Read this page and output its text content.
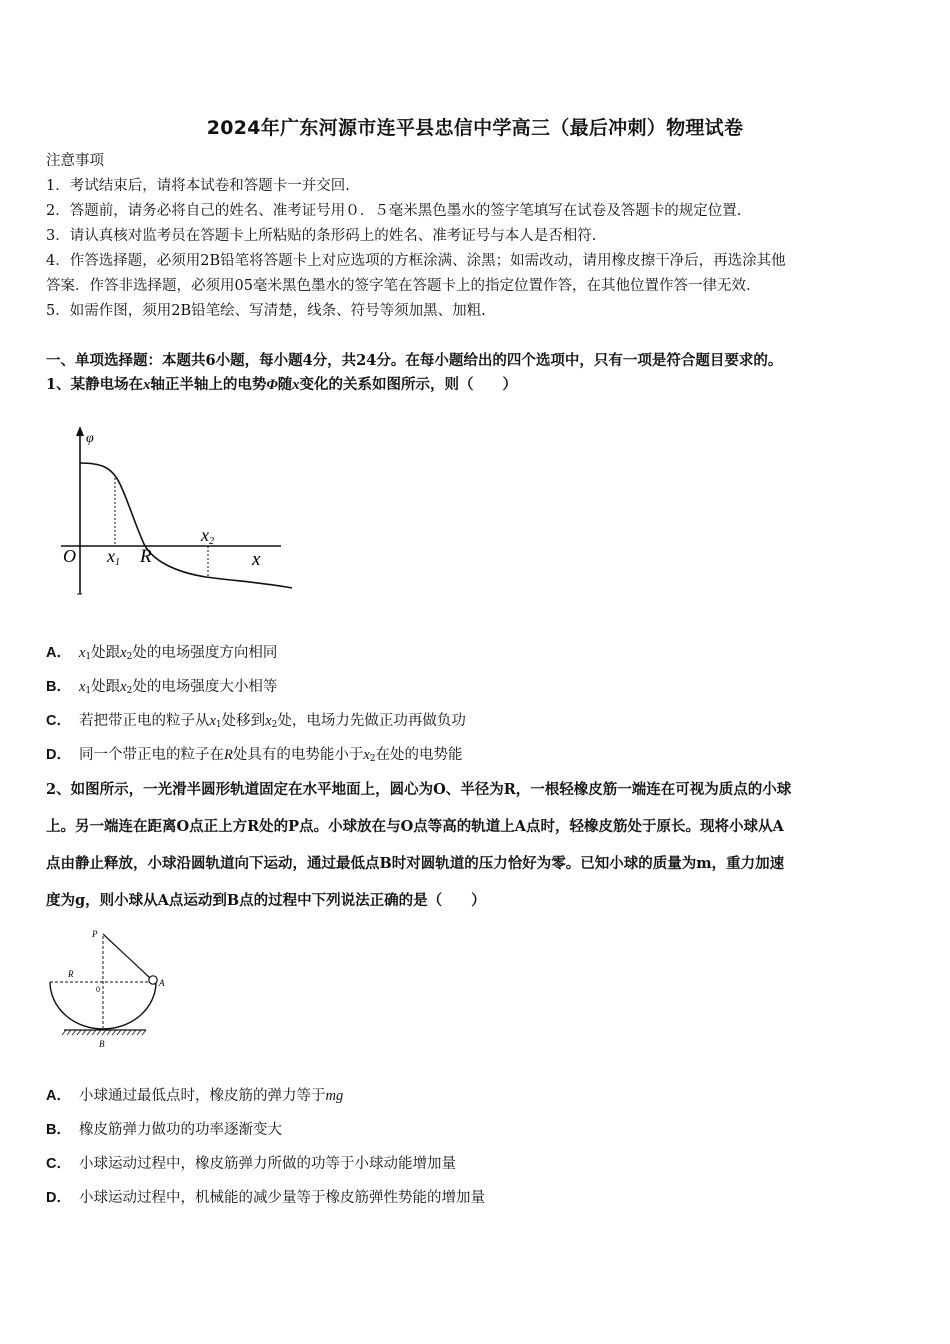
2024年广东河源市连平县忠信中学高三（最后冲刺）物理试卷
注意事项
1．考试结束后，请将本试卷和答题卡一并交回.
2．答题前，请务必将自己的姓名、准考证号用０．５毫米黑色墨水的签字笔填写在试卷及答题卡的规定位置.
3．请认真核对监考员在答题卡上所粘贴的条形码上的姓名、准考证号与本人是否相符.
4．作答选择题，必须用2B铅笔将答题卡上对应选项的方框涂满、涂黑；如需改动，请用橡皮擦干净后，再选涂其他
答案．作答非选择题，必须用05毫米黑色墨水的签字笔在答题卡上的指定位置作答，在其他位置作答一律无效.
5．如需作图，须用2B铅笔绘、写清楚，线条、符号等须加黑、加粗.
一、单项选择题：本题共6小题，每小题4分，共24分。在每小题给出的四个选项中，只有一项是符合题目要求的。
1、某静电场在x轴正半轴上的电势Φ随x变化的关系如图所示，则（　　）
φ
O x1 R
x2
x
A． $x_1$处跟$x_2$处的电场强度方向相同
B． $x_1$处跟$x_2$处的电场强度大小相等
C． 若把带正电的粒子从$x_1$处移到$x_2$处，电场力先做正功再做负功
D． 同一个带正电的粒子在R处具有的电势能小于$x_2$在处的电势能
2、如图所示，一光滑半圆形轨道固定在水平地面上，圆心为O、半径为R，一根轻橡皮筋一端连在可视为质点的小球
上。另一端连在距离O点正上方R处的P点。小球放在与O点等高的轨道上A点时，轻橡皮筋处于原长。现将小球从A
点由静止释放，小球沿圆轨道向下运动，通过最低点B时对圆轨道的压力恰好为零。已知小球的质量为m，重力加速
度为g，则小球从A点运动到B点的过程中下列说法正确的是（　　）
P
R
0
A
B
A． 小球通过最低点时，橡皮筋的弹力等于mg
B． 橡皮筋弹力做功的功率逐渐变大
C． 小球运动过程中，橡皮筋弹力所做的功等于小球动能增加量
D． 小球运动过程中，机械能的减少量等于橡皮筋弹性势能的增加量
